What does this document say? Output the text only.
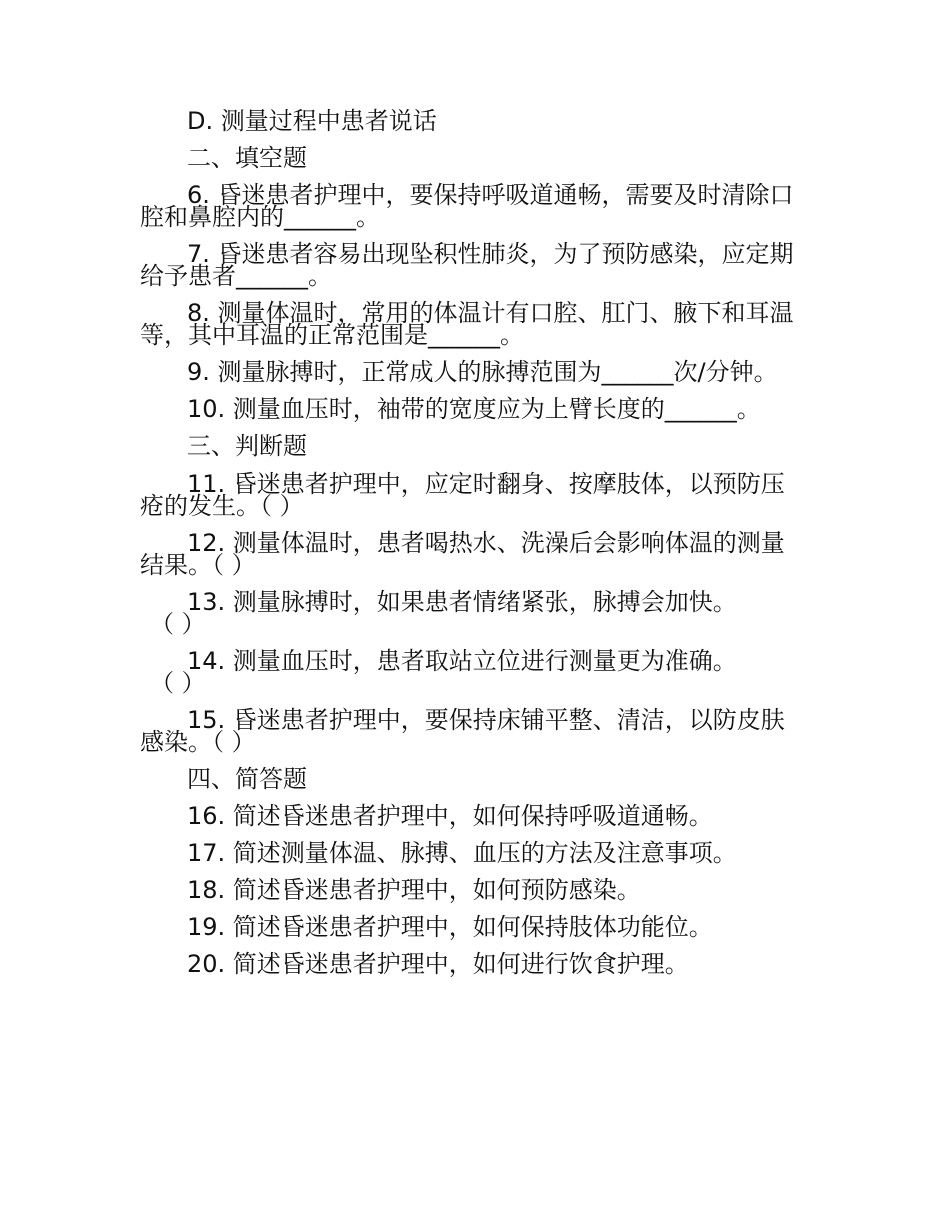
D. 测量过程中患者说话
二、填空题
6. 昏迷患者护理中，要保持呼吸道通畅，需要及时清除口
腔和鼻腔内的______。
7. 昏迷患者容易出现坠积性肺炎，为了预防感染，应定期
给予患者______。
8. 测量体温时，常用的体温计有口腔、肛门、腋下和耳温
等，其中耳温的正常范围是______。
9. 测量脉搏时，正常成人的脉搏范围为______次/分钟。
10. 测量血压时，袖带的宽度应为上臂长度的______。
三、判断题
11. 昏迷患者护理中，应定时翻身、按摩肢体，以预防压
疮的发生。（ ）
12. 测量体温时，患者喝热水、洗澡后会影响体温的测量
结果。（ ）
13. 测量脉搏时，如果患者情绪紧张，脉搏会加快。
（ ）
14. 测量血压时，患者取站立位进行测量更为准确。
（ ）
15. 昏迷患者护理中，要保持床铺平整、清洁，以防皮肤
感染。（ ）
四、简答题
16. 简述昏迷患者护理中，如何保持呼吸道通畅。
17. 简述测量体温、脉搏、血压的方法及注意事项。
18. 简述昏迷患者护理中，如何预防感染。
19. 简述昏迷患者护理中，如何保持肢体功能位。
20. 简述昏迷患者护理中，如何进行饮食护理。
